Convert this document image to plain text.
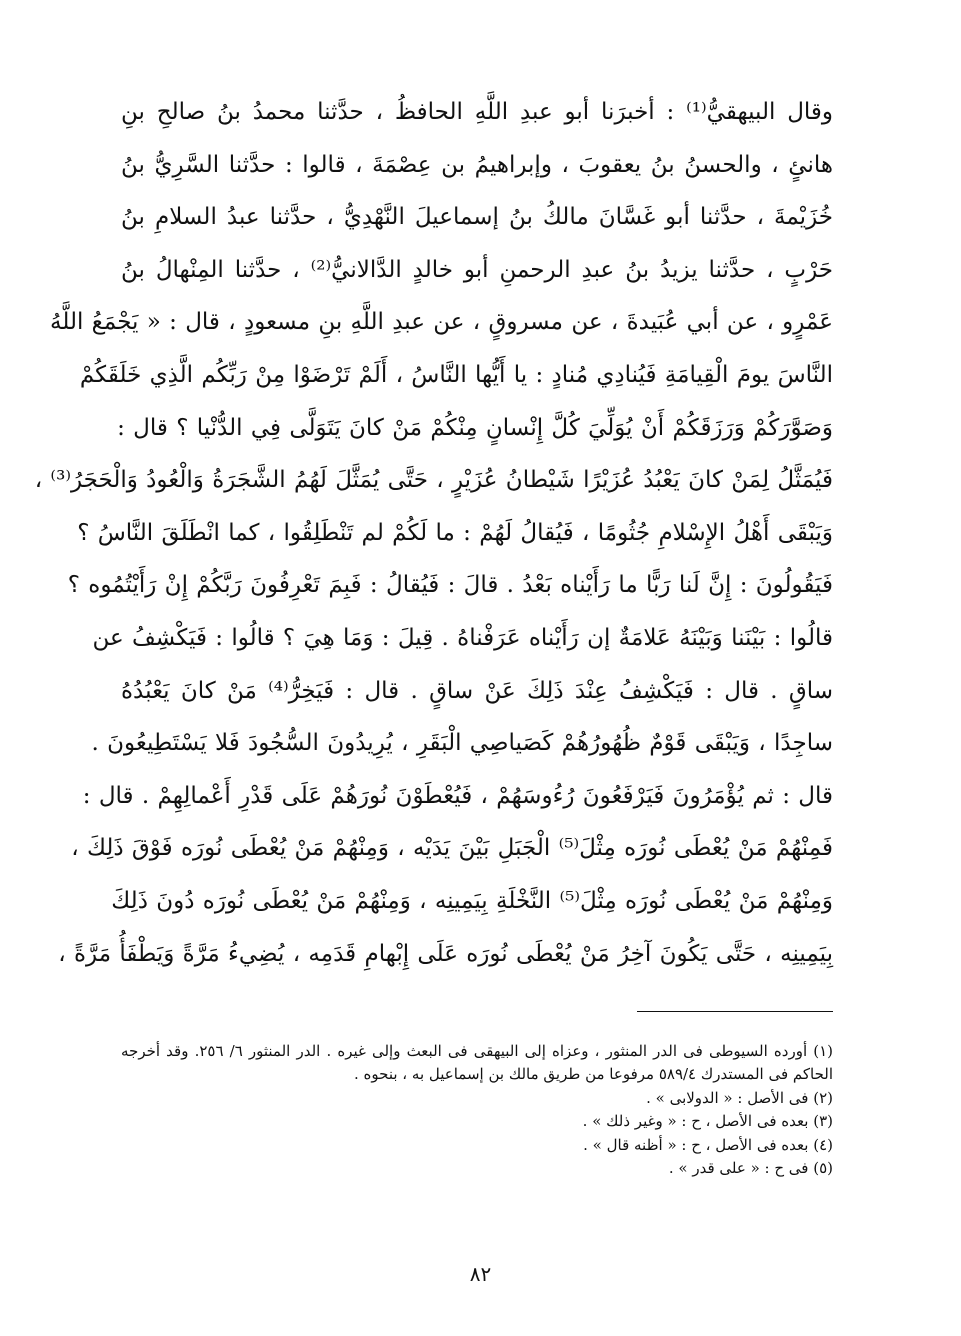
وقال البيهقيُّ⁽¹⁾ : أخبرَنا أبو عبدِ اللَّهِ الحافظُ ، حدَّثنا محمدُ بنُ صالحِ بنِ
هانئٍ ، والحسنُ بنُ يعقوبَ ، وإبراهيمُ بن عِصْمَةَ ، قالوا : حدَّثنا السَّرِيُّ بنُ
خُزَيْمةَ ، حدَّثنا أبو غَسَّانَ مالكُ بنُ إسماعيلَ النَّهْدِيُّ ، حدَّثنا عبدُ السلامِ بنُ
حَرْبٍ ، حدَّثنا يزيدُ بنُ عبدِ الرحمنِ أبو خالدٍ الدَّالانيُّ⁽²⁾ ، حدَّثنا المِنْهالُ بنُ
عَمْرٍو ، عن أبي عُبَيدةَ ، عن مسروقٍ ، عن عبدِ اللَّهِ بنِ مسعودٍ ، قال : « يَجْمَعُ اللَّهُ
النَّاسَ يومَ الْقِيامَةِ فَيُنادِي مُنادٍ : يا أَيُّها النَّاسُ ، أَلَمْ تَرْضَوْا مِنْ رَبِّكُم الَّذِي خَلَقَكُمْ
وَصَوَّرَكُمْ وَرَزَقَكُمْ أَنْ يُوَلِّيَ كُلَّ إِنْسانٍ مِنْكُمْ مَنْ كانَ يَتَوَلَّى فِي الدُّنْيا ؟ قال :
فَيُمَثَّلُ لِمَنْ كانَ يَعْبُدُ عُزَيْرًا شَيْطانُ عُزَيْرٍ ، حَتَّى يُمَثَّلَ لَهُمُ الشَّجَرَةُ وَالْعُودُ وَالْحَجَرُ⁽³⁾ ،
وَيَبْقَى أَهْلُ الإِسْلامِ جُثُومًا ، فَيُقالُ لَهُمْ : ما لَكُمْ لم تَنْطَلِقُوا ، كما انْطَلَقَ النَّاسُ ؟
فَيَقُولُونَ : إِنَّ لَنا رَبًّا ما رَأَيْناه بَعْدُ . قالَ : فَيُقالُ : فَبِمَ تَعْرِفُونَ رَبَّكُمْ إِنْ رَأَيْتُمُوه ؟
قالُوا : بَيْنَنا وَبَيْنَهُ عَلامَةٌ إن رَأَيْناه عَرَفْناهُ . قِيلَ : وَمَا هِيَ ؟ قالُوا : فَيَكْشِفُ عن
ساقٍ . قال : فَيَكْشِفُ عِنْدَ ذَلِكَ عَنْ ساقٍ . قال : فَيَخِرُّ⁽⁴⁾ مَنْ كانَ يَعْبُدُهُ
ساجِدًا ، وَيَبْقَى قَوْمٌ ظُهُورُهُمْ كَصَياصِي الْبَقَرِ ، يُرِيدُونَ السُّجُودَ فَلا يَسْتَطِيعُونَ .
قال : ثم يُؤْمَرُونَ فَيَرْفَعُونَ رُءُوسَهُمْ ، فَيُعْطَوْنَ نُورَهُمْ عَلَى قَدْرِ أَعْمالِهِمْ . قال :
فَمِنْهُمْ مَنْ يُعْطَى نُورَه مِثْلَ⁽⁵⁾ الْجَبَلِ بَيْنَ يَدَيْه ، وَمِنْهُمْ مَنْ يُعْطَى نُورَه فَوْقَ ذَلِكَ ،
وَمِنْهُمْ مَنْ يُعْطَى نُورَه مِثْلَ⁽⁵⁾ النَّخْلَةِ بِيَمِينِه ، وَمِنْهُمْ مَنْ يُعْطَى نُورَه دُونَ ذَلِكَ
بِيَمِينِه ، حَتَّى يَكُونَ آخِرُ مَنْ يُعْطَى نُورَه عَلَى إِبْهامِ قَدَمِه ، يُضِيءُ مَرَّةً وَيَطْفَأُ مَرَّةً ،
(١) أورده السيوطى فى الدر المنثور ، وعزاه إلى البيهقى فى البعث وإلى غيره . الدر المنثور ٦/ ٢٥٦. وقد أخرجه
الحاكم فى المستدرك ٥٨٩/٤ مرفوعا من طريق مالك بن إسماعيل به ، بنحوه .
(٢) فى الأصل : « الدولابى » .
(٣) بعده فى الأصل ، ح : « وغير ذلك » .
(٤) بعده فى الأصل ، ح : « أظنه قال » .
(٥) فى ح : « على قدر » .
٨٢
